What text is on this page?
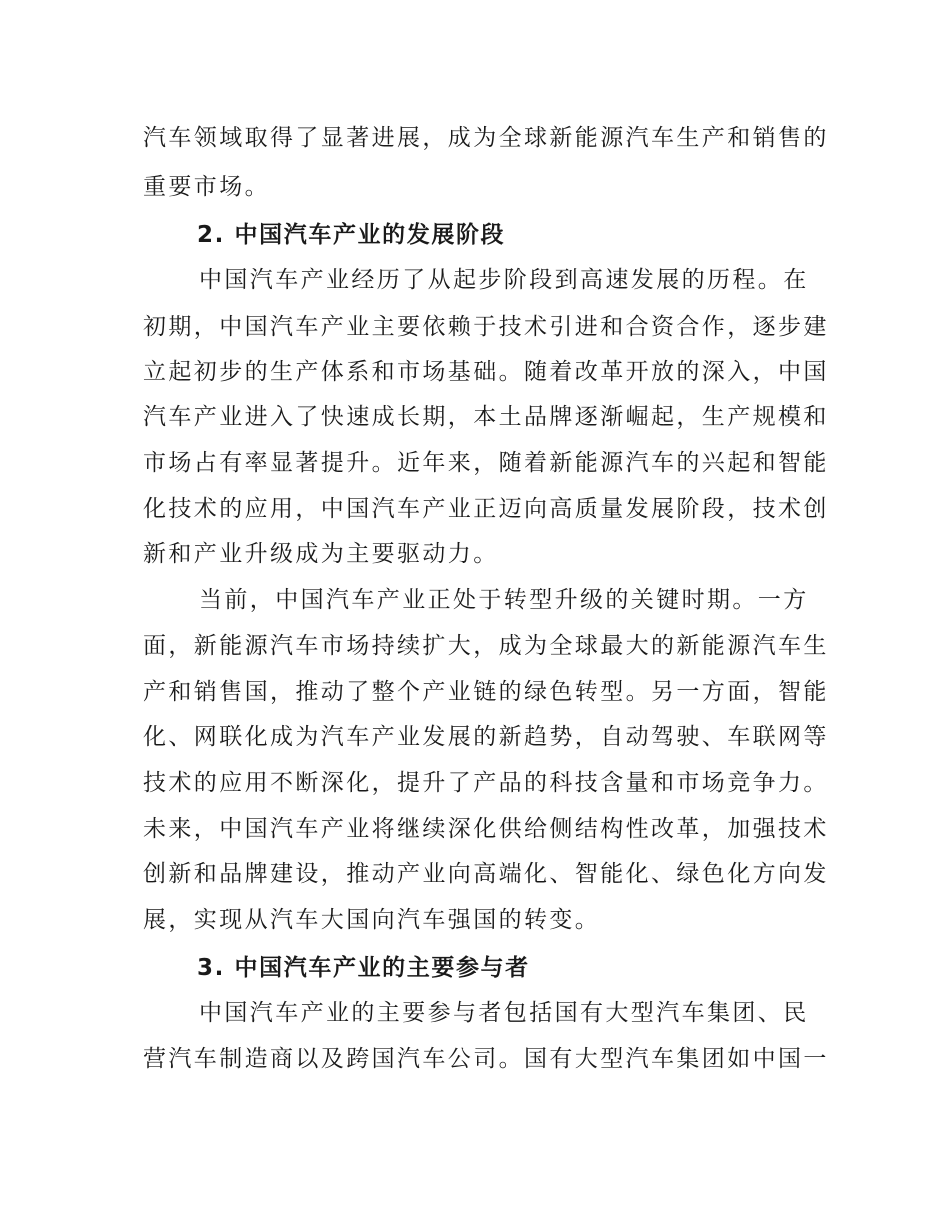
汽车领域取得了显著进展，成为全球新能源汽车生产和销售的
重要市场。
2. 中国汽车产业的发展阶段
中国汽车产业经历了从起步阶段到高速发展的历程。在
初期，中国汽车产业主要依赖于技术引进和合资合作，逐步建
立起初步的生产体系和市场基础。随着改革开放的深入，中国
汽车产业进入了快速成长期，本土品牌逐渐崛起，生产规模和
市场占有率显著提升。近年来，随着新能源汽车的兴起和智能
化技术的应用，中国汽车产业正迈向高质量发展阶段，技术创
新和产业升级成为主要驱动力。
当前，中国汽车产业正处于转型升级的关键时期。一方
面，新能源汽车市场持续扩大，成为全球最大的新能源汽车生
产和销售国，推动了整个产业链的绿色转型。另一方面，智能
化、网联化成为汽车产业发展的新趋势，自动驾驶、车联网等
技术的应用不断深化，提升了产品的科技含量和市场竞争力。
未来，中国汽车产业将继续深化供给侧结构性改革，加强技术
创新和品牌建设，推动产业向高端化、智能化、绿色化方向发
展，实现从汽车大国向汽车强国的转变。
3. 中国汽车产业的主要参与者
中国汽车产业的主要参与者包括国有大型汽车集团、民
营汽车制造商以及跨国汽车公司。国有大型汽车集团如中国一
